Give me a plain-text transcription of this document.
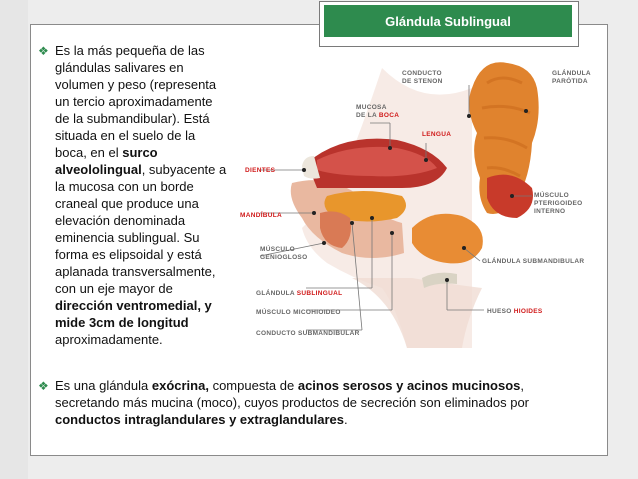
Glándula Sublingual
❖ Es la más pequeña de las glándulas salivares en volumen y peso (representa un tercio aproximadamente de la submandibular). Está situada en el suelo de la boca, en el surco alveololingual, subyacente a la mucosa con un borde craneal que produce una elevación denominada eminencia sublingual. Su forma es elipsoidal y está aplanada transversalmente, con un eje mayor de dirección ventromedial, y mide 3cm de longitud aproximadamente.
CONDUCTO
DE STENON
GLÁNDULA
PARÓTIDA
MUCOSA
DE LA BOCA
LENGUA
DIENTES
MANDÍBULA
MÚSCULO
PTERIGOIDEO
INTERNO
MÚSCULO
GENIOGLOSO
GLÁNDULA SUBMANDIBULAR
GLÁNDULA SUBLINGUAL
MÚSCULO MICOHIOIDEO	HUESO HIOIDES
CONDUCTO SUBMANDIBULAR
❖ Es una glándula exócrina, compuesta de acinos serosos y acinos mucinosos, secretando más mucina (moco), cuyos productos de secreción son eliminados por conductos intraglandulares y extraglandulares.
